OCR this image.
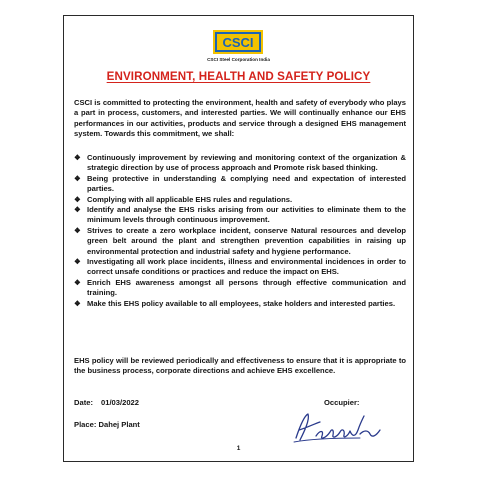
CSCI
CSCI Steel Corporation India
ENVIRONMENT, HEALTH AND SAFETY POLICY
CSCI is committed to protecting the environment, health and safety of everybody who plays a part in process, customers, and interested parties. We will continually enhance our EHS performances in our activities, products and service through a designed EHS management system. Towards this commitment, we shall:
❖ Continuously improvement by reviewing and monitoring context of the organization & strategic direction by use of process approach and Promote risk based thinking.
❖ Being protective in understanding & complying need and expectation of interested parties.
❖ Complying with all applicable EHS rules and regulations.
❖ Identify and analyse the EHS risks arising from our activities to eliminate them to the minimum levels through continuous improvement.
❖ Strives to create a zero workplace incident, conserve Natural resources and develop green belt around the plant and strengthen prevention capabilities in raising up environmental protection and industrial safety and hygiene performance.
❖ Investigating all work place incidents, illness and environmental incidences in order to correct unsafe conditions or practices and reduce the impact on EHS.
❖ Enrich EHS awareness amongst all persons through effective communication and training.
❖ Make this EHS policy available to all employees, stake holders and interested parties.
EHS policy will be reviewed periodically and effectiveness to ensure that it is appropriate to the business process, corporate directions and achieve EHS excellence.
Date: 01/03/2022	Occupier:
Place: Dahej Plant
1
